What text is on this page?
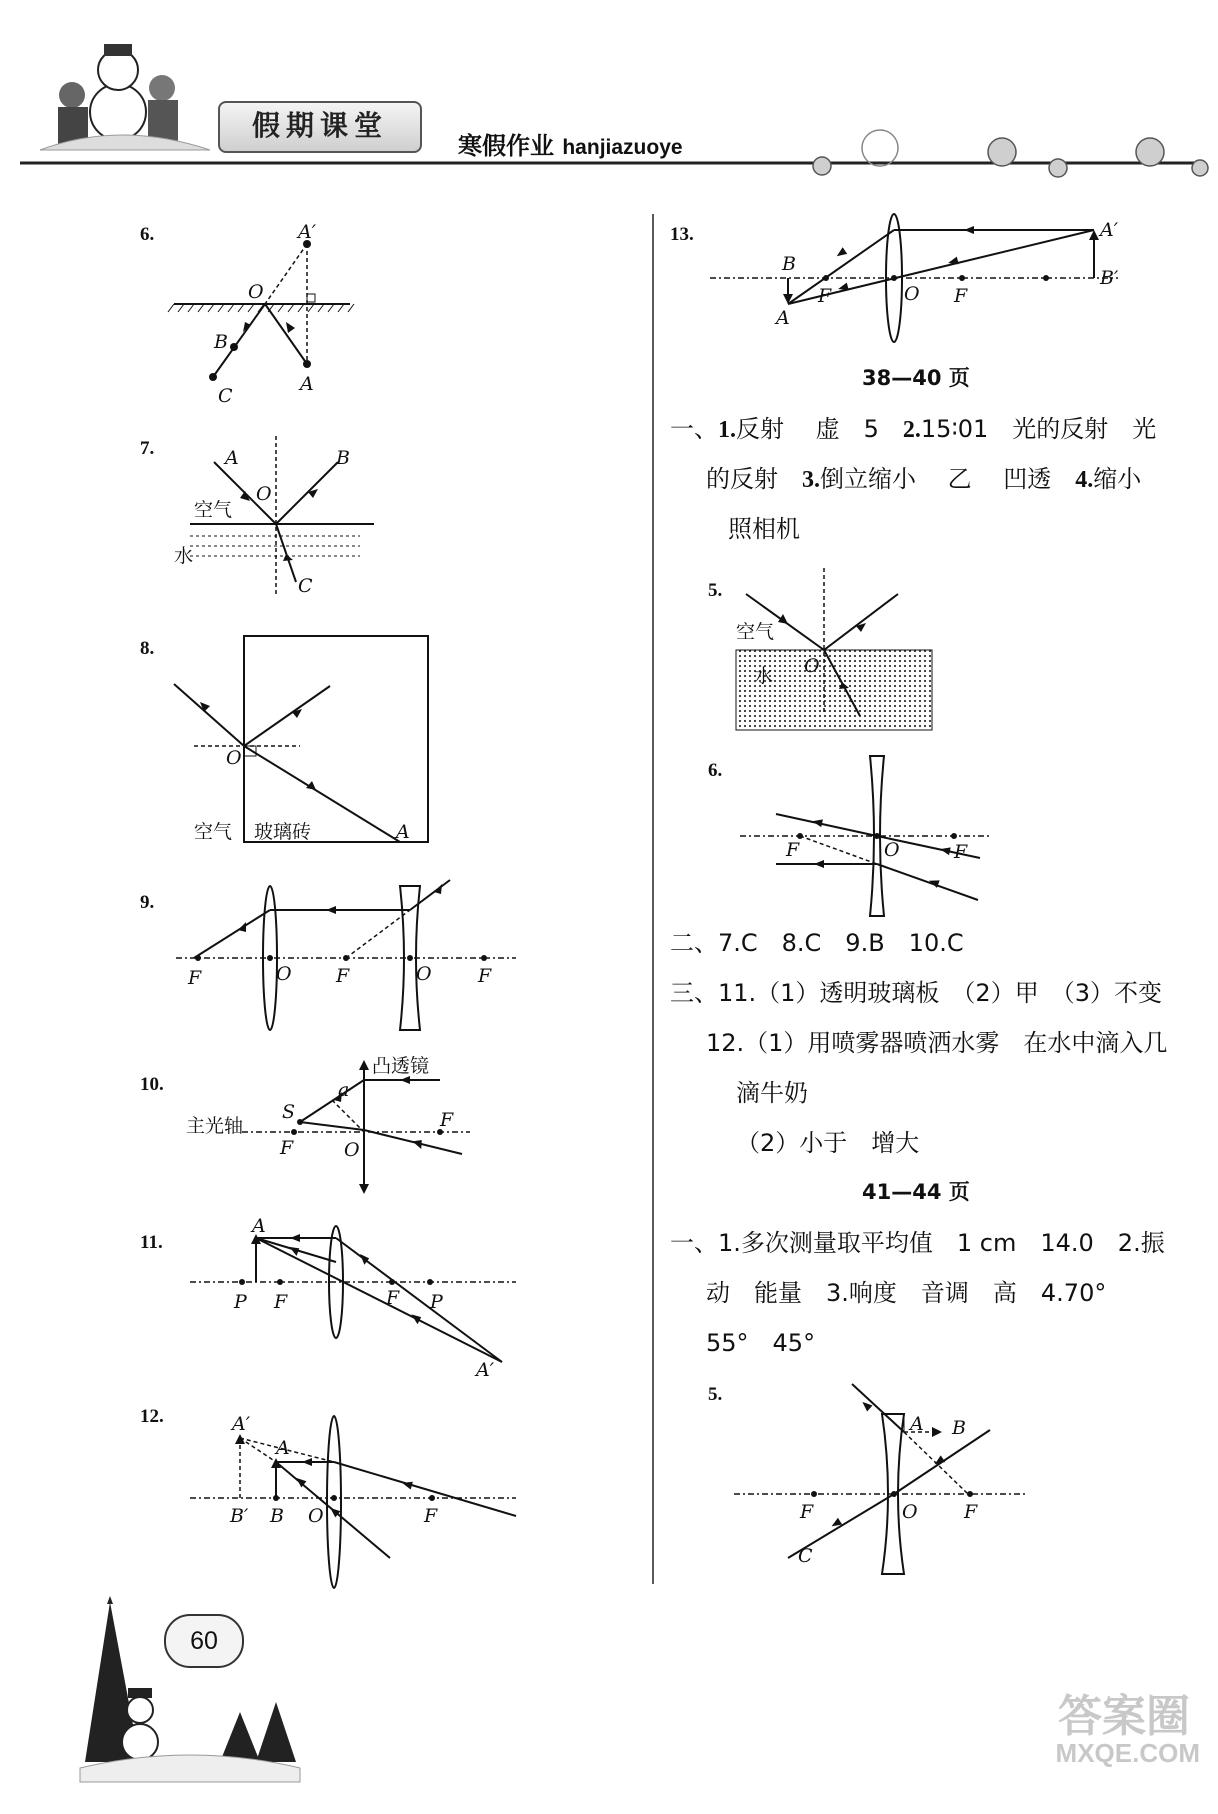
假期课堂
寒假作业 hanjiazuoye
6.	A′
O
B
C
A
7.	A	B
O
空气
水
C
8.
O
空气 玻璃砖	A
9.
F	O F	O F
10.
凸透镜
主光轴
S
a
F
F
O
11.
A
P F	F P
A′
12.	A′
A
B′ B O	F
13.
B
A
F	O F
A′
B′
38—40 页
一、1.反射　 虚　5　2.15∶01　光的反射　光
的反射　3.倒立缩小　 乙　 凹透　4.缩小
照相机
5.
空气
O
水
6.
F	O	F
二、7.C　8.C　9.B　10.C
三、11.（1）透明玻璃板　（2）甲　（3）不变
12.（1）用喷雾器喷洒水雾　在水中滴入几
滴牛奶
（2）小于　增大
41—44 页
一、1.多次测量取平均值　1 cm　14.0　2.振
动　能量　3.响度　音调　高　4.70°
55°　45°
5.
A B
F	O F
C
60
答案圈
MXQE.COM
